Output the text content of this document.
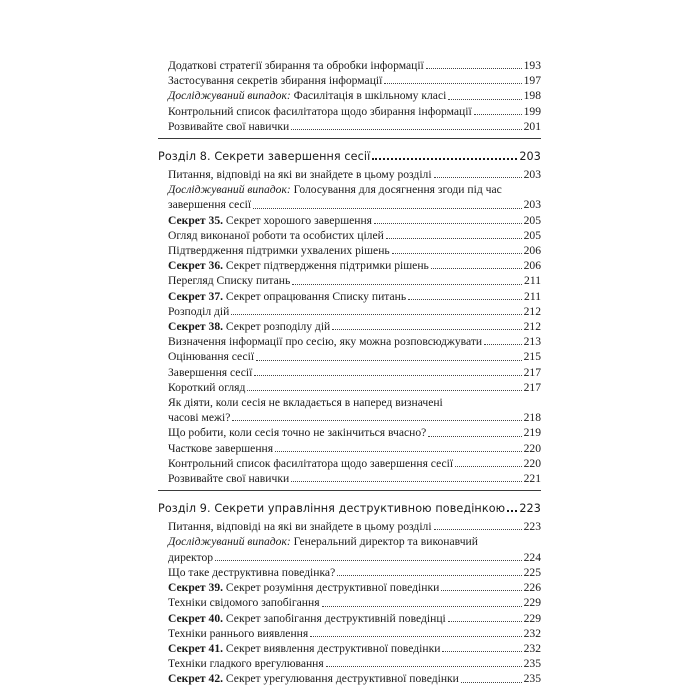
Додаткові стратегії збирання та обробки інформації	193
Застосування секретів збирання інформації	197
Досліджуваний випадок: Фасилітація в шкільному класі	198
Контрольний список фасилітатора щодо збирання інформації	199
Розвивайте свої навички	201
Розділ 8. Секрети завершення сесії	203
Питання, відповіді на які ви знайдете в цьому розділі	203
Досліджуваний випадок: Голосування для досягнення згоди під час
завершення сесії	203
Секрет 35. Секрет хорошого завершення	205
Огляд виконаної роботи та особистих цілей	205
Підтвердження підтримки ухвалених рішень	206
Секрет 36. Секрет підтвердження підтримки рішень	206
Перегляд Списку питань	211
Секрет 37. Секрет опрацювання Списку питань	211
Розподіл дій	212
Секрет 38. Секрет розподілу дій	212
Визначення інформації про сесію, яку можна розповсюджувати	213
Оцінювання сесії	215
Завершення сесії	217
Короткий огляд	217
Як діяти, коли сесія не вкладається в наперед визначені
часові межі?	218
Що робити, коли сесія точно не закінчиться вчасно?	219
Часткове завершення	220
Контрольний список фасилітатора щодо завершення сесії	220
Розвивайте свої навички	221
Розділ 9. Секрети управління деструктивною поведінкою 223
Питання, відповіді на які ви знайдете в цьому розділі	223
Досліджуваний випадок: Генеральний директор та виконавчий
директор	224
Що таке деструктивна поведінка?	225
Секрет 39. Секрет розуміння деструктивної поведінки	226
Техніки свідомого запобігання	229
Секрет 40. Секрет запобігання деструктивній поведінці	229
Техніки раннього виявлення	232
Секрет 41. Секрет виявлення деструктивної поведінки	232
Техніки гладкого врегулювання	235
Секрет 42. Секрет урегулювання деструктивної поведінки	235
